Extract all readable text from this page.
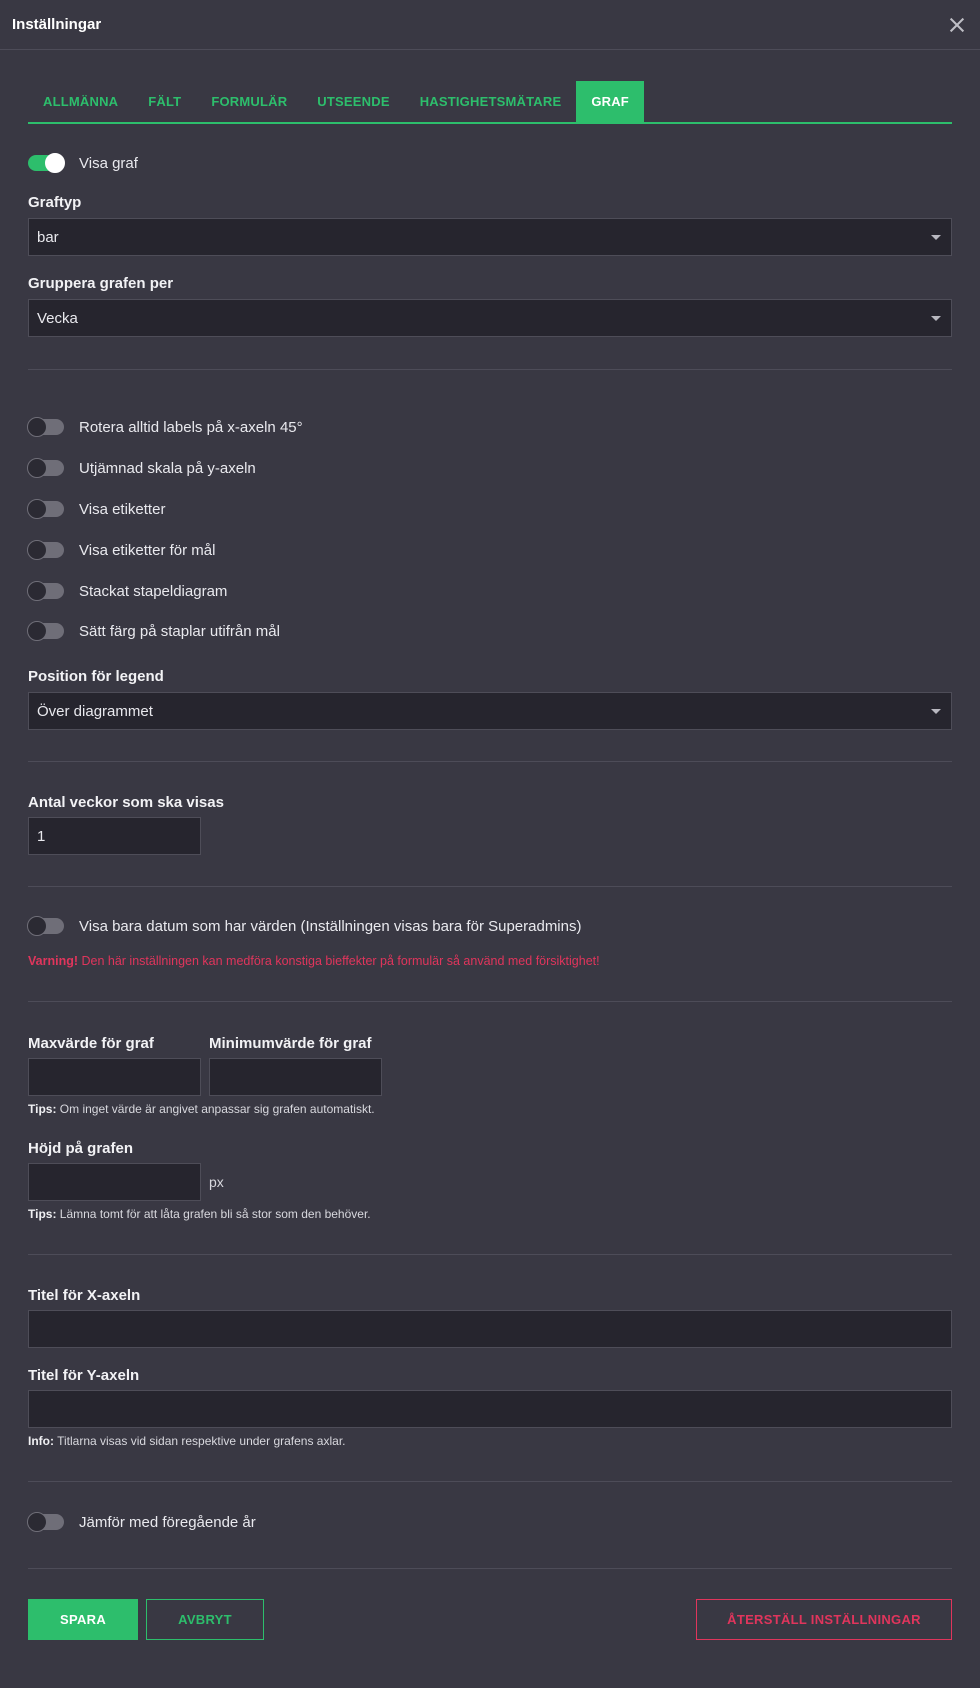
Inställningar
ALLMÄNNA	FÄLT	FORMULÄR	UTSEENDE	HASTIGHETSMÄTARE	GRAF
Visa graf
Graftyp
bar
Gruppera grafen per
Vecka
Rotera alltid labels på x-axeln 45°
Utjämnad skala på y-axeln
Visa etiketter
Visa etiketter för mål
Stackat stapeldiagram
Sätt färg på staplar utifrån mål
Position för legend
Över diagrammet
Antal veckor som ska visas
1
Visa bara datum som har värden (Inställningen visas bara för Superadmins)
Varning! Den här inställningen kan medföra konstiga bieffekter på formulär så använd med försiktighet!
Maxvärde för graf	Minimumvärde för graf
Tips: Om inget värde är angivet anpassar sig grafen automatiskt.
Höjd på grafen
px
Tips: Lämna tomt för att låta grafen bli så stor som den behöver.
Titel för X-axeln
Titel för Y-axeln
Info: Titlarna visas vid sidan respektive under grafens axlar.
Jämför med föregående år
SPARA	AVBRYT	ÅTERSTÄLL INSTÄLLNINGAR
